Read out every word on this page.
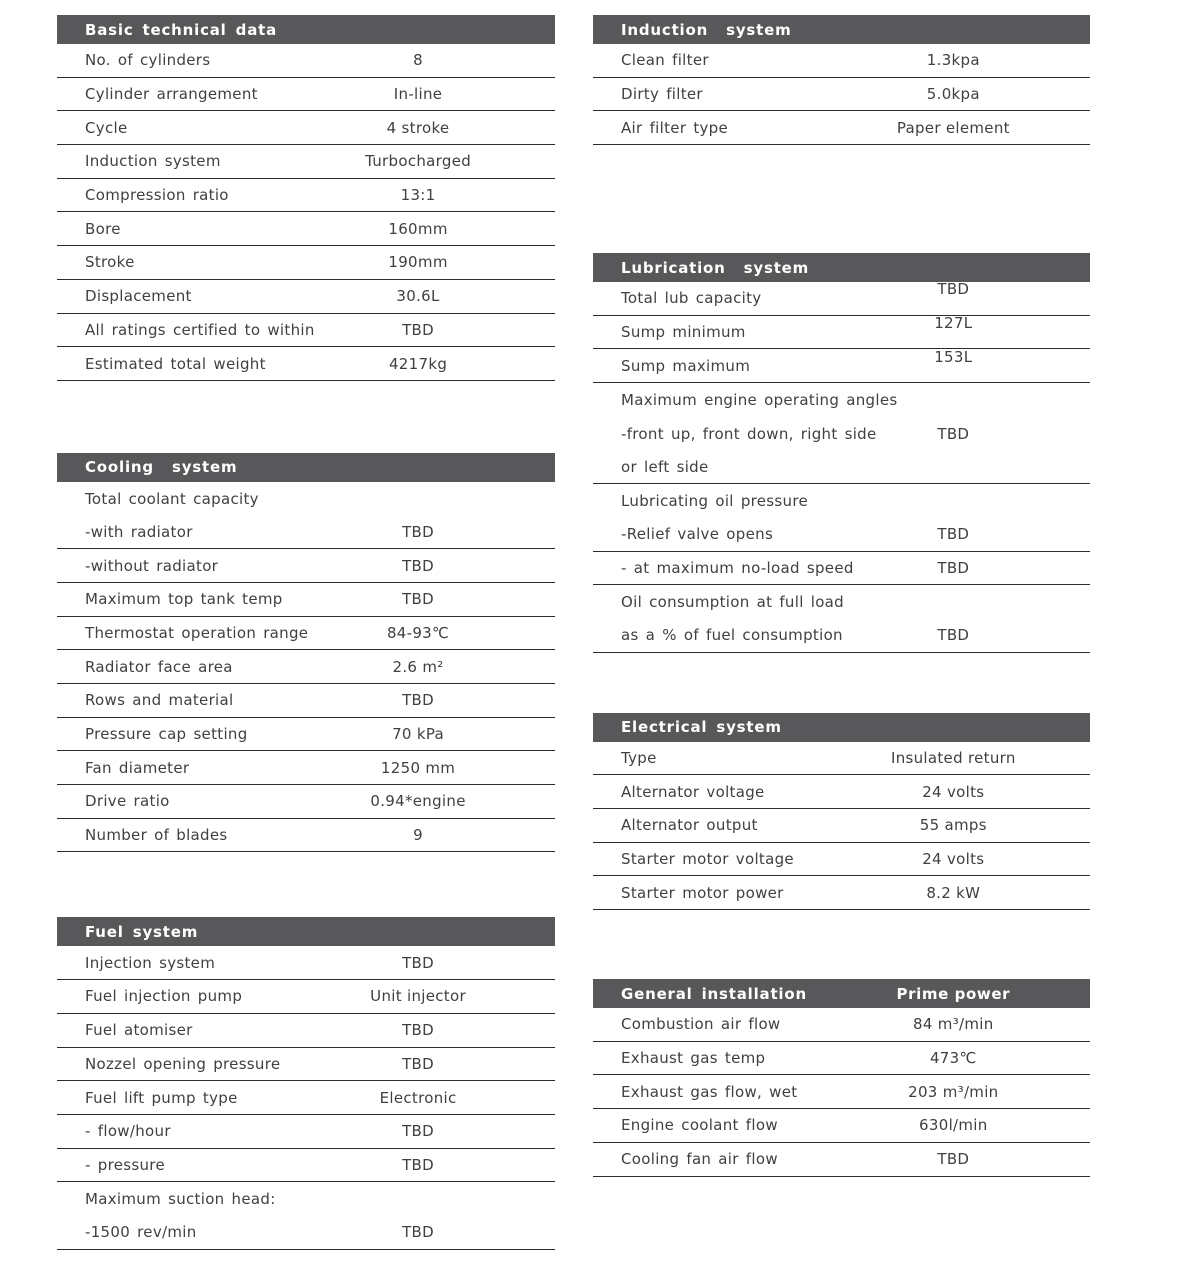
Basic technical data
No. of cylinders	8
Cylinder arrangement	In-line
Cycle	4 stroke
Induction system	Turbocharged
Compression ratio	13:1
Bore	160mm
Stroke	190mm
Displacement	30.6L
All ratings certified to within	TBD
Estimated total weight	4217kg
Cooling  system
Total coolant capacity
-with radiator	TBD
-without radiator	TBD
Maximum top tank temp	TBD
Thermostat operation range	84-93℃
Radiator face area	2.6 m²
Rows and material	TBD
Pressure cap setting	70 kPa
Fan diameter	1250 mm
Drive ratio	0.94*engine
Number of blades	9
Fuel system
Injection system	TBD
Fuel injection pump	Unit injector
Fuel atomiser	TBD
Nozzel opening pressure	TBD
Fuel lift pump type	Electronic
- flow/hour	TBD
- pressure	TBD
Maximum suction head:
-1500 rev/min	TBD
Induction  system
Clean filter	1.3kpa
Dirty filter	5.0kpa
Air filter type	Paper element
Lubrication  system
Total lub capacity	TBD
Sump minimum	127L
Sump maximum	153L
Maximum engine operating angles
-front up, front down, right side	TBD
or left side
Lubricating oil pressure
-Relief valve opens	TBD
- at maximum no-load speed	TBD
Oil consumption at full load
as a % of fuel consumption	TBD
Electrical system
Type	Insulated return
Alternator voltage	24 volts
Alternator output	55 amps
Starter motor voltage	24 volts
Starter motor power	8.2 kW
General installation	Prime power
Combustion air flow	84 m³/min
Exhaust gas temp	473℃
Exhaust gas flow, wet	203 m³/min
Engine coolant flow	630l/min
Cooling fan air flow	TBD
